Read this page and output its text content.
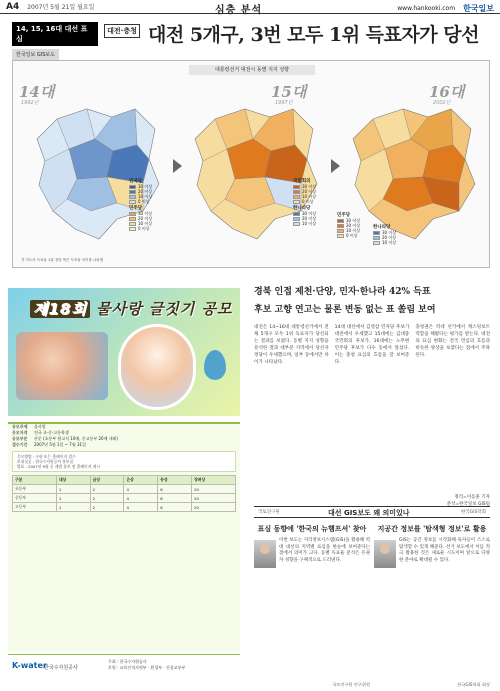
A4 2007년 5월 21일 월요일	심층 분석	www.hankooki.com 한국일보
14, 15, 16대 대선 표심
한국일보 GIS보도
대전·충청 대전 5개구, 3번 모두 1위 득표자가 당선
대통령선거 대전시 동별 지지 성향
14대
1992년
민자당
30 이상
20 이상
10 이상
0 이상
민주당
30 이상
20 이상
10 이상
0 이상
각 지도의 득표율 1위 정당 색은 득표율 차이를 나타냄
15대
1997년
국민회의
30 이상
20 이상
10 이상
0 이상
한나라당
30 이상
20 이상
10 이상
16대
2002년
민주당
30 이상
20 이상
10 이상
0 이상
한나라당
30 이상
20 이상
10 이상
제18회 물사랑 글짓기 공모
공모주제	물사랑
응모자격	전국 초·중·고등학생
공모부문	산문 (초등부 원고지 10매, 중고등부 20매 내외)
접수기간	2007년 5월 1일 ~ 7월 31일
응모방법 : 우편 또는 홈페이지 접수
보내실곳 : 한국수자원공사 홍보실
발표 : 2007년 9월 중 개별 통보 및 홈페이지 게시
구분	대상	금상	은상	동상	장려상
초등부	1	2	4	6	20
중등부	1	2	4	6	20
고등부	1	2	4	6	20
K-water
한국수자원공사
주최 : 한국수자원공사
후원 : 교육인적자원부 · 환경부 · 건설교통부
경북 인접 제천·단양, 민자·한나라 42% 득표
후보 고향 연고는 물론 변동 없는 표 쏠림 보여
대전은 14~16대 대통령선거에서 전체 5개구 모두 1위 득표자가 당선되는 결과를 보였다. 동별 지지 성향을 분석한 결과 대부분 지역에서 당선자 정당이 우세했으며, 일부 동에서만 차이가 나타났다.
14대 대선에서 김영삼 민자당 후보가 대전에서 우세했고 15대에는 김대중 국민회의 후보가, 16대에는 노무현 민주당 후보가 다수 동에서 앞섰다. 이는 충청 표심의 흐름을 잘 보여준다.
충청권은 역대 선거에서 캐스팅보트 역할을 해왔다는 평가를 받는다. 대전의 표심 변화는 전국 민심의 흐름과 비슷한 양상을 보였다는 점에서 주목된다.
정리=이동훈 기자
분석=한국일보 GIS팀
국토연구원	대선 GIS보도 왜 의미있나	한국GIS학회
표심 동향에 '한국의 뉴햄프셔' 찾아
이번 보도는 지리정보시스템(GIS)을 활용해 역대 대선의 지역별 표심을 한눈에 보여준다는 점에서 의미가 크다. 동별 득표율 분석은 유권자 성향을 구체적으로 드러낸다.
국토연구원 연구위원
지공간 정보를 '탐색형 정보'로 활용
GIS는 공간 정보를 시각화해 독자들이 스스로 탐색할 수 있게 해준다. 선거 보도에서 이를 적극 활용한 것은 새로운 시도이며 앞으로 다양한 분야로 확대될 수 있다.
한국GIS학회 회장
